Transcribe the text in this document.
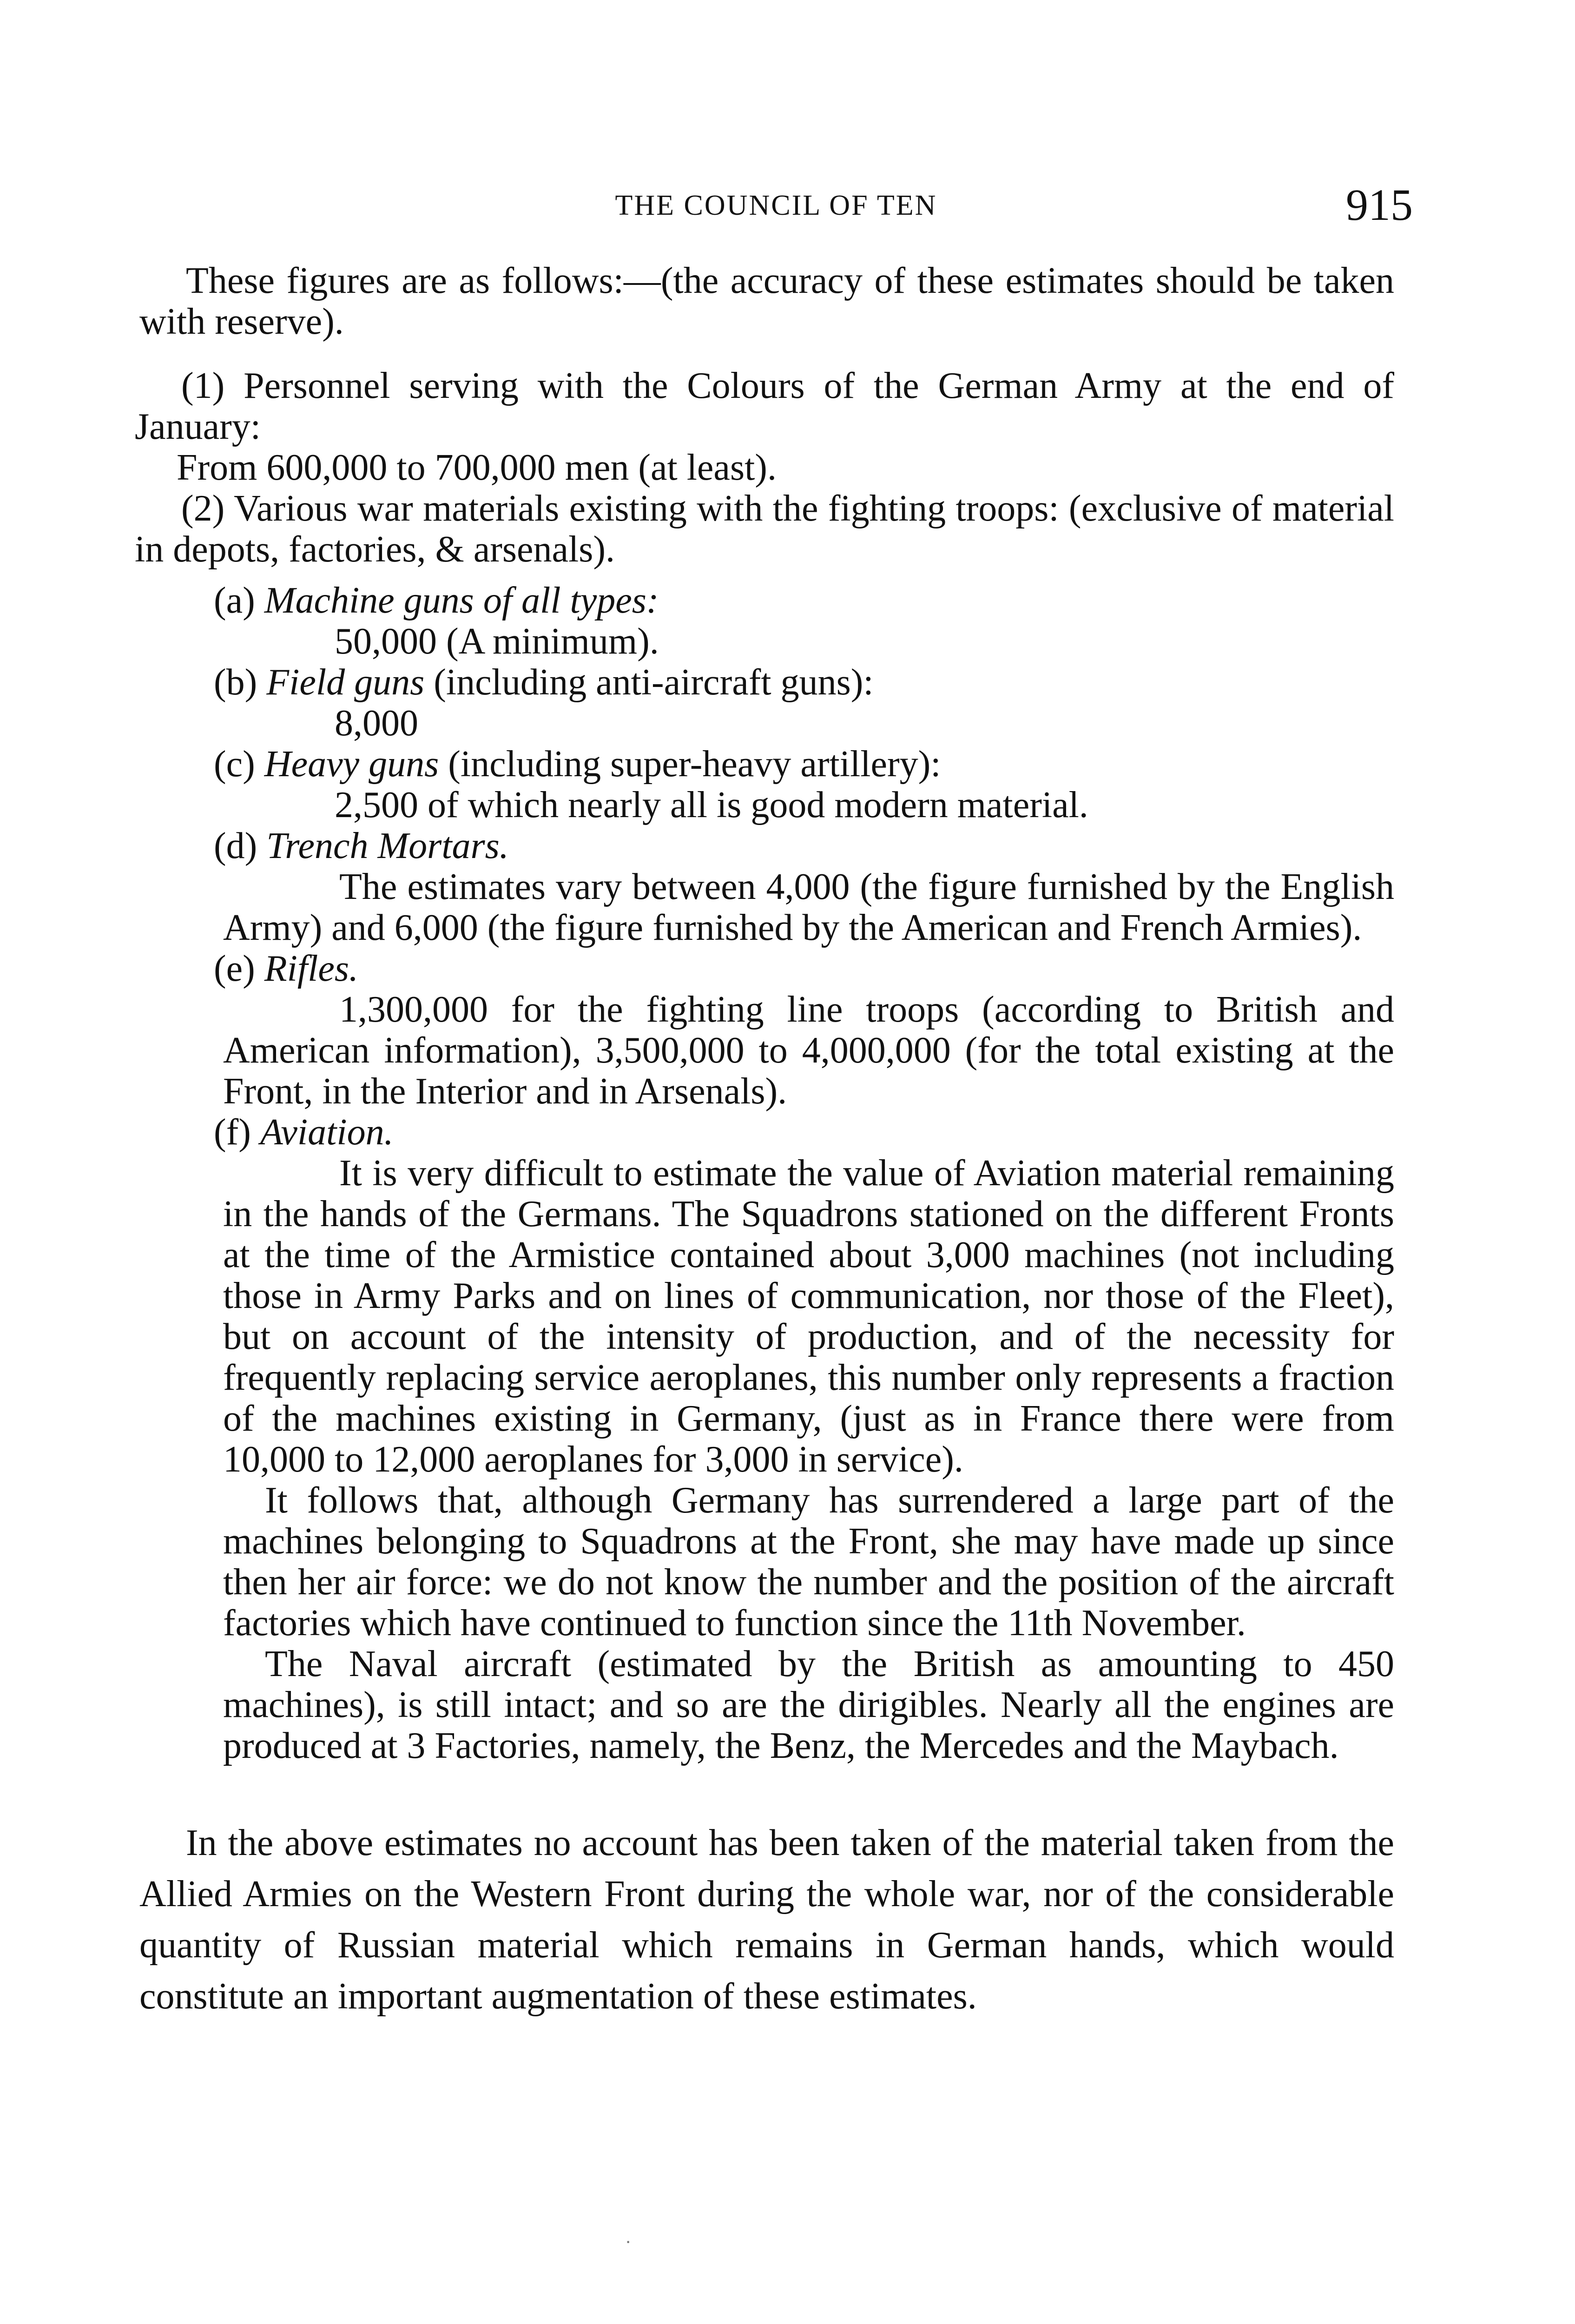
THE COUNCIL OF TEN	915

These figures are as follows:—(the accuracy of these estimates should be taken with reserve).

(1) Personnel serving with the Colours of the German Army at the end of January:

From 600,000 to 700,000 men (at least).

(2) Various war materials existing with the fighting troops: (exclusive of material in depots, factories, & arsenals).

(a) Machine guns of all types:

50,000 (A minimum).

(b) Field guns (including anti-aircraft guns):

8,000

(c) Heavy guns (including super-heavy artillery):

2,500 of which nearly all is good modern material.

(d) Trench Mortars.

The estimates vary between 4,000 (the figure furnished by the English Army) and 6,000 (the figure furnished by the American and French Armies).

(e) Rifles.

1,300,000 for the fighting line troops (according to British and American information), 3,500,000 to 4,000,000 (for the total existing at the Front, in the Interior and in Arsenals).

(f) Aviation.

It is very difficult to estimate the value of Aviation material remaining in the hands of the Germans. The Squadrons stationed on the different Fronts at the time of the Armistice contained about 3,000 machines (not including those in Army Parks and on lines of communication, nor those of the Fleet), but on account of the intensity of production, and of the necessity for frequently replacing service aeroplanes, this number only represents a fraction of the machines existing in Germany, (just as in France there were from 10,000 to 12,000 aeroplanes for 3,000 in service).

It follows that, although Germany has surrendered a large part of the machines belonging to Squadrons at the Front, she may have made up since then her air force: we do not know the number and the position of the aircraft factories which have continued to function since the 11th November.

The Naval aircraft (estimated by the British as amounting to 450 machines), is still intact; and so are the dirigibles. Nearly all the engines are produced at 3 Factories, namely, the Benz, the Mercedes and the Maybach.

In the above estimates no account has been taken of the material taken from the Allied Armies on the Western Front during the whole war, nor of the considerable quantity of Russian material which remains in German hands, which would constitute an important augmentation of these estimates.

·
